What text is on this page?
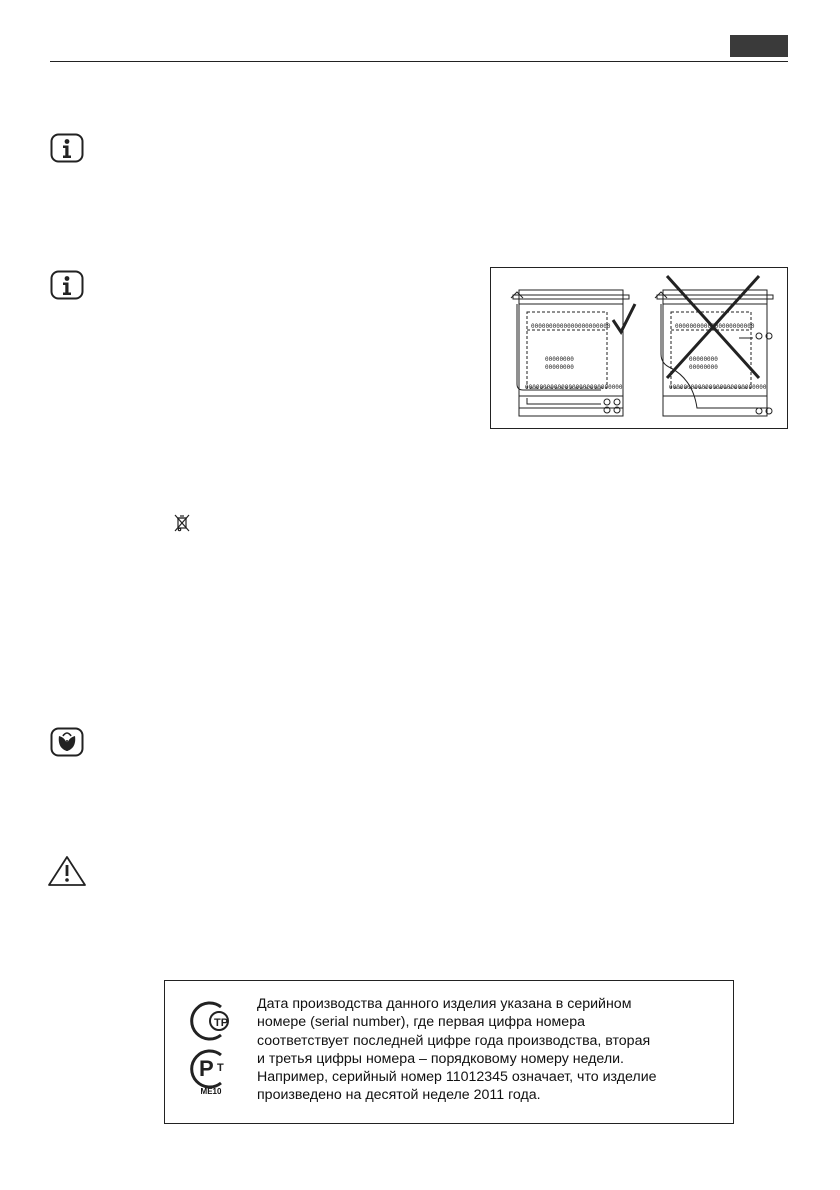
0000000000000000000000
00000000
00000000
000000000000000000000000000
0000000000000000000000
00000000
00000000
000000000000000000000000000
TP
P T
ME10
Дата производства данного изделия указана в серийном
номере (serial number), где первая цифра номера
соответствует последней цифре года производства, вторая
и третья цифры номера – порядковому номеру недели.
Например, серийный номер 11012345 означает, что изделие
произведено на десятой неделе 2011 года.
